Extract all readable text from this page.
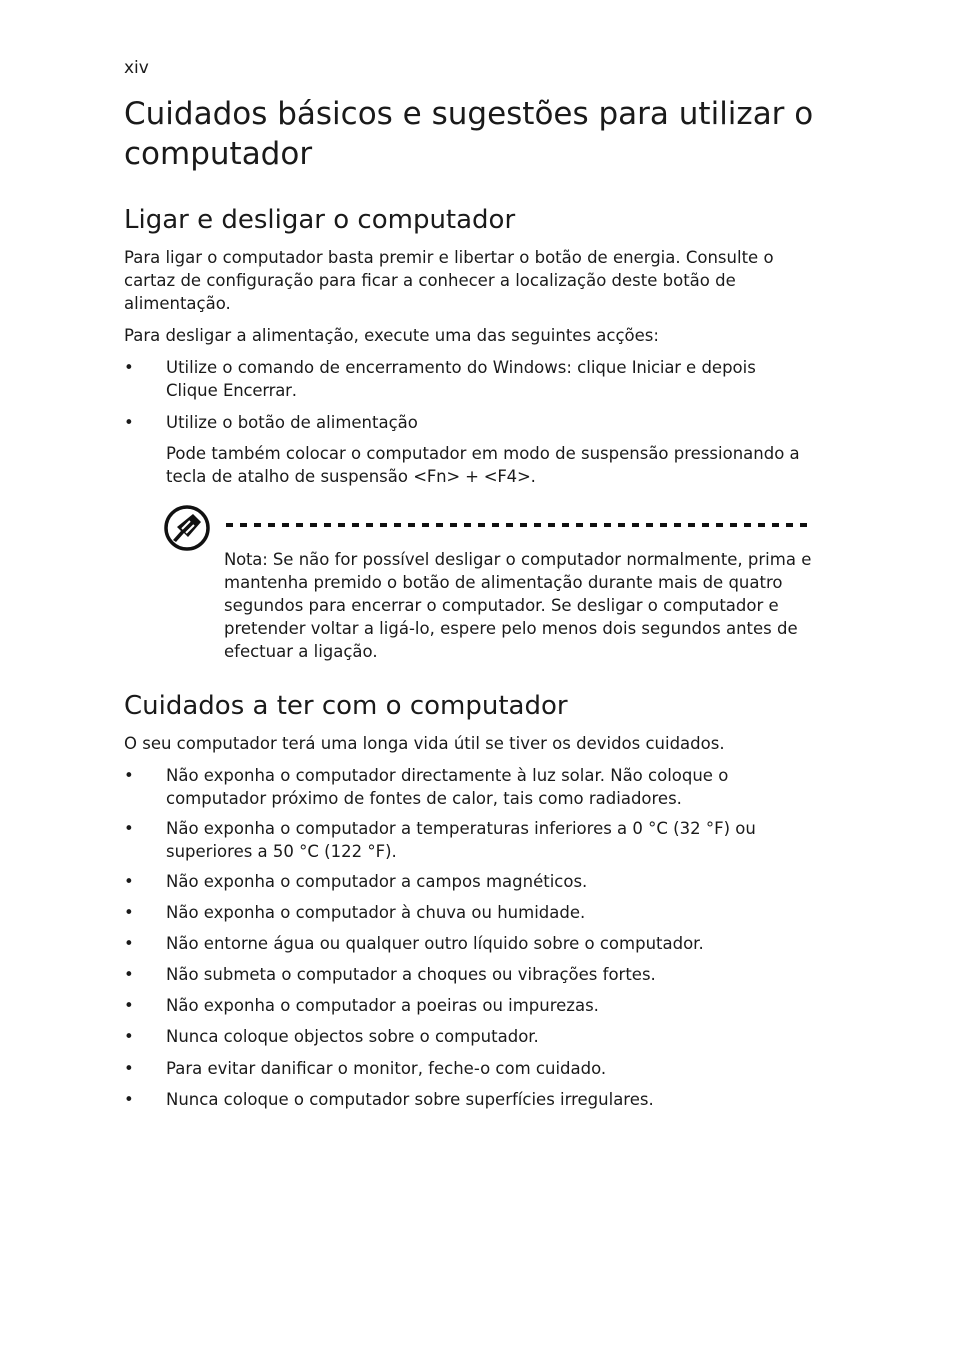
xiv
Cuidados básicos e sugestões para utilizar o computador
Ligar e desligar o computador

Para ligar o computador basta premir e libertar o botão de energia. Consulte o cartaz de configuração para ficar a conhecer a localização deste botão de alimentação.

Para desligar a alimentação, execute uma das seguintes acções:

• Utilize o comando de encerramento do Windows: clique Iniciar e depois Clique Encerrar.
• Utilize o botão de alimentação

Pode também colocar o computador em modo de suspensão pressionando a tecla de atalho de suspensão <Fn> + <F4>.

Nota: Se não for possível desligar o computador normalmente, prima e mantenha premido o botão de alimentação durante mais de quatro segundos para encerrar o computador. Se desligar o computador e pretender voltar a ligá-lo, espere pelo menos dois segundos antes de efectuar a ligação.

Cuidados a ter com o computador

O seu computador terá uma longa vida útil se tiver os devidos cuidados.

• Não exponha o computador directamente à luz solar. Não coloque o computador próximo de fontes de calor, tais como radiadores.
• Não exponha o computador a temperaturas inferiores a 0 °C (32 °F) ou superiores a 50 °C (122 °F).
• Não exponha o computador a campos magnéticos.
• Não exponha o computador à chuva ou humidade.
• Não entorne água ou qualquer outro líquido sobre o computador.
• Não submeta o computador a choques ou vibrações fortes.
• Não exponha o computador a poeiras ou impurezas.
• Nunca coloque objectos sobre o computador.
• Para evitar danificar o monitor, feche-o com cuidado.
• Nunca coloque o computador sobre superfícies irregulares.
